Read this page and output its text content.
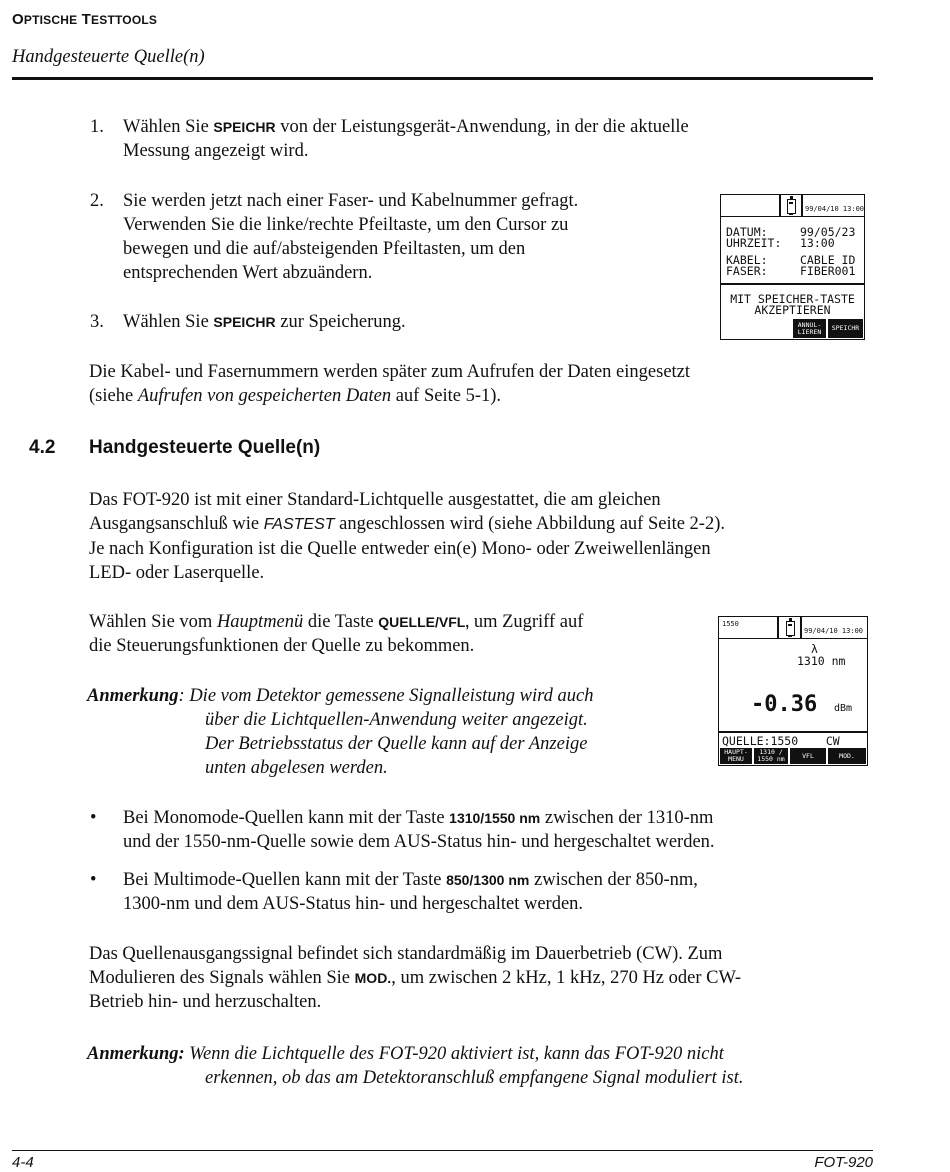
OPTISCHE TESTTOOLS
Handgesteuerte Quelle(n)
1. Wählen Sie SPEICHR von der Leistungsgerät-Anwendung, in der die aktuelle
Messung angezeigt wird.
2. Sie werden jetzt nach einer Faser- und Kabelnummer gefragt.
Verwenden Sie die linke/rechte Pfeiltaste, um den Cursor zu
bewegen und die auf/absteigenden Pfeiltasten, um den
entsprechenden Wert abzuändern.
3. Wählen Sie SPEICHR zur Speicherung.
99/04/10 13:00
DATUM:	99/05/23
UHRZEIT: 13:00
KABEL:	CABLE ID
FASER:	FIBER001
MIT SPEICHER-TASTE
AKZEPTIEREN
ANNUL-
LIEREN	SPEICHR
Die Kabel- und Fasernummern werden später zum Aufrufen der Daten eingesetzt
(siehe Aufrufen von gespeicherten Daten auf Seite 5-1).
4.2 Handgesteuerte Quelle(n)
Das FOT-920 ist mit einer Standard-Lichtquelle ausgestattet, die am gleichen
Ausgangsanschluß wie FASTEST angeschlossen wird (siehe Abbildung auf Seite 2-2).
Je nach Konfiguration ist die Quelle entweder ein(e) Mono- oder Zweiwellenlängen
LED- oder Laserquelle.
Wählen Sie vom Hauptmenü die Taste QUELLE/VFL, um Zugriff auf
die Steuerungsfunktionen der Quelle zu bekommen.
Anmerkung: Die vom Detektor gemessene Signalleistung wird auch
über die Lichtquellen-Anwendung weiter angezeigt.
Der Betriebsstatus der Quelle kann auf der Anzeige
unten abgelesen werden.
1550
99/04/10 13:00
λ
1310 nm
-0.36 dBm
QUELLE:1550    CW
HAUPT-
MENU
1310 /
1550 nm	VFL	MOD.
• Bei Monomode-Quellen kann mit der Taste 1310/1550 nm zwischen der 1310-nm
und der 1550-nm-Quelle sowie dem AUS-Status hin- und hergeschaltet werden.
• Bei Multimode-Quellen kann mit der Taste 850/1300 nm zwischen der 850-nm,
1300-nm und dem AUS-Status hin- und hergeschaltet werden.
Das Quellenausgangssignal befindet sich standardmäßig im Dauerbetrieb (CW). Zum
Modulieren des Signals wählen Sie MOD., um zwischen 2 kHz, 1 kHz, 270 Hz oder CW-
Betrieb hin- und herzuschalten.
Anmerkung: Wenn die Lichtquelle des FOT-920 aktiviert ist, kann das FOT-920 nicht
erkennen, ob das am Detektoranschluß empfangene Signal moduliert ist.
4-4	FOT-920
